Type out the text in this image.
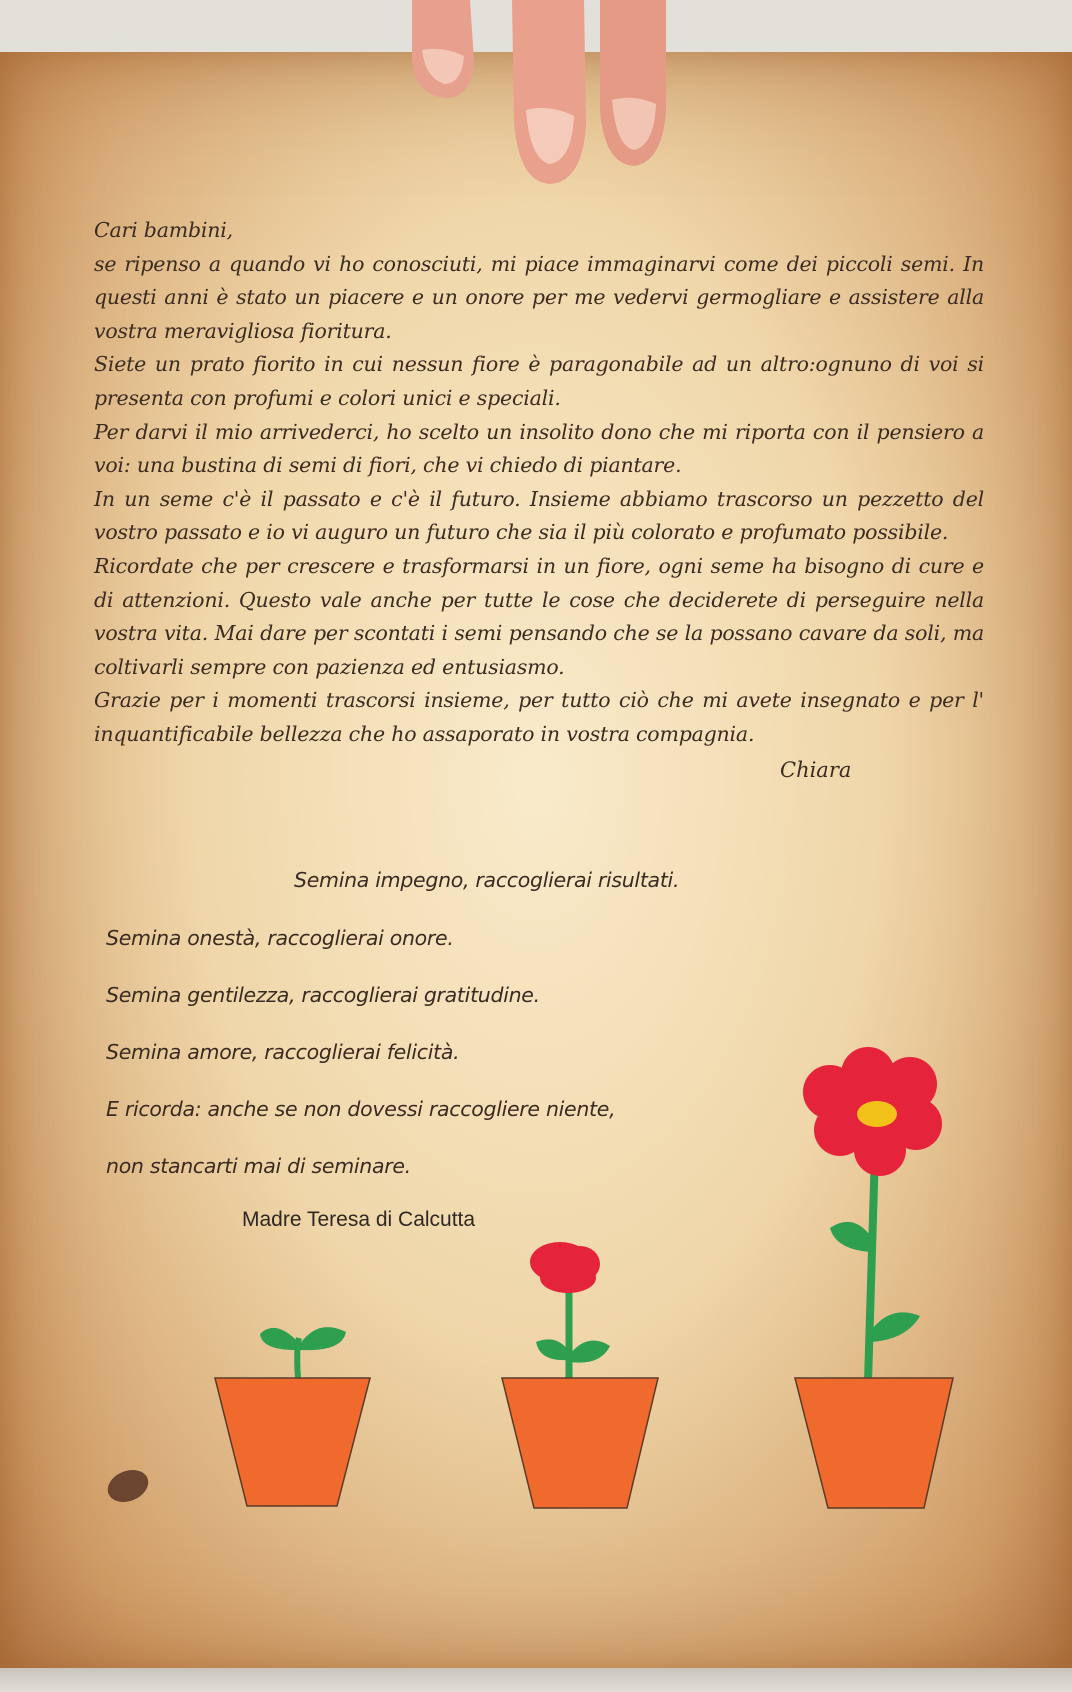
Cari bambini,

se ripenso a quando vi ho conosciuti, mi piace immaginarvi come dei piccoli semi. In questi anni è stato un piacere e un onore per me vedervi germogliare e assistere alla vostra meravigliosa fioritura.

Siete un prato fiorito in cui nessun fiore è paragonabile ad un altro:ognuno di voi si presenta con profumi e colori unici e speciali.

Per darvi il mio arrivederci, ho scelto un insolito dono che mi riporta con il pensiero a voi: una bustina di semi di fiori, che vi chiedo di piantare.

In un seme c'è il passato e c'è il futuro. Insieme abbiamo trascorso un pezzetto del vostro passato e io vi auguro un futuro che sia il più colorato e profumato possibile.

Ricordate che per crescere e trasformarsi in un fiore, ogni seme ha bisogno di cure e di attenzioni. Questo vale anche per tutte le cose che deciderete di perseguire nella vostra vita. Mai dare per scontati i semi pensando che se la possano cavare da soli, ma coltivarli sempre con pazienza ed entusiasmo.

Grazie per i momenti trascorsi insieme, per tutto ciò che mi avete insegnato e per l' inquantificabile bellezza che ho assaporato in vostra compagnia.

Chiara
Semina impegno, raccoglierai risultati.
Semina onestà, raccoglierai onore.
Semina gentilezza, raccoglierai gratitudine.
Semina amore, raccoglierai felicità.
E ricorda: anche se non dovessi raccogliere niente,
non stancarti mai di seminare.
Madre Teresa di Calcutta
